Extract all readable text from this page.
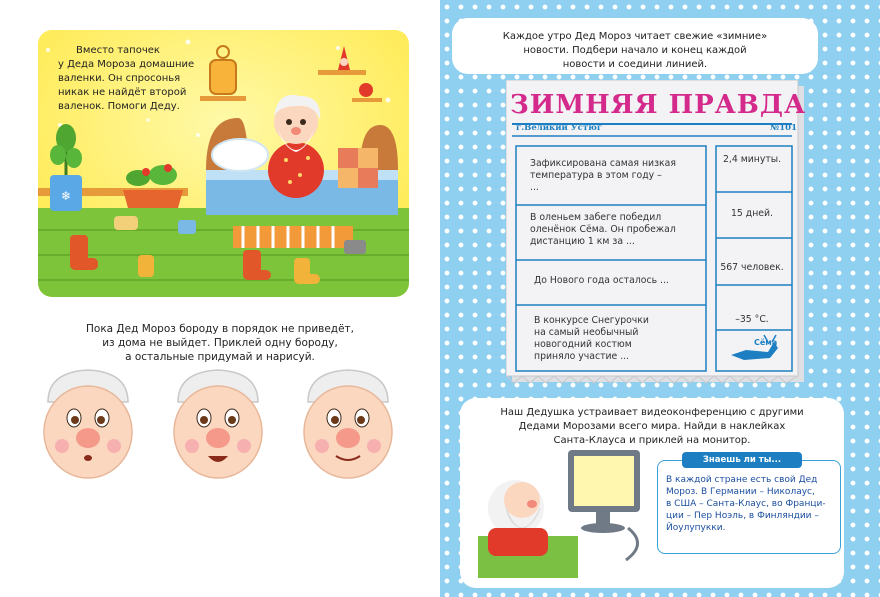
❄
Вместо тапочек
у Деда Мороза домашние
валенки. Он спросонья
никак не найдёт второй
валенок. Помоги Деду.
Пока Дед Мороз бороду в порядок не приведёт,
из дома не выйдет. Приклей одну бороду,
а остальные придумай и нарисуй.
Каждое утро Дед Мороз читает свежие «зимние»
новости. Подбери начало и конец каждой
новости и соедини линией.
ЗИМНЯЯ ПРАВДА
г.Великий Устюг	№101
Зафиксирована самая низкая
температура в этом году –
...
В оленьем забеге победил
оленёнок Сёма. Он пробежал
дистанцию 1 км за ...
До Нового года осталось ...
В конкурсе Снегурочки
на самый необычный
новогодний костюм
приняло участие ...
2,4 минуты.
15 дней.
567 человек.
–35 °С.
Сёма
Наш Дедушка устраивает видеоконференцию с другими
Дедами Морозами всего мира. Найди в наклейках
Санта-Клауса и приклей на монитор.
Знаешь ли ты...
В каждой стране есть свой Дед
Мороз. В Германии – Николаус,
в США – Санта-Клаус, во Франци-
ции – Пер Ноэль, в Финляндии –
Йоулупукки.
